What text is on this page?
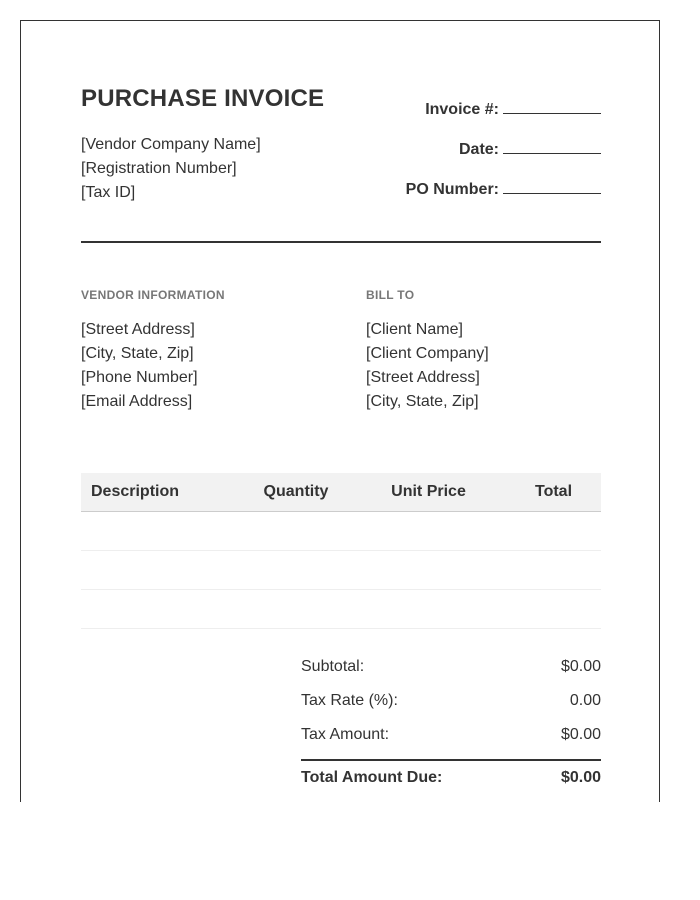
PURCHASE INVOICE
[Vendor Company Name]
[Registration Number]
[Tax ID]
Invoice #:
Date:
PO Number:
VENDOR INFORMATION
[Street Address]
[City, State, Zip]
[Phone Number]
[Email Address]
BILL TO
[Client Name]
[Client Company]
[Street Address]
[City, State, Zip]
Description	Quantity	Unit Price	Total

Subtotal:	$0.00
Tax Rate (%):	0.00
Tax Amount:	$0.00
Total Amount Due:	$0.00
